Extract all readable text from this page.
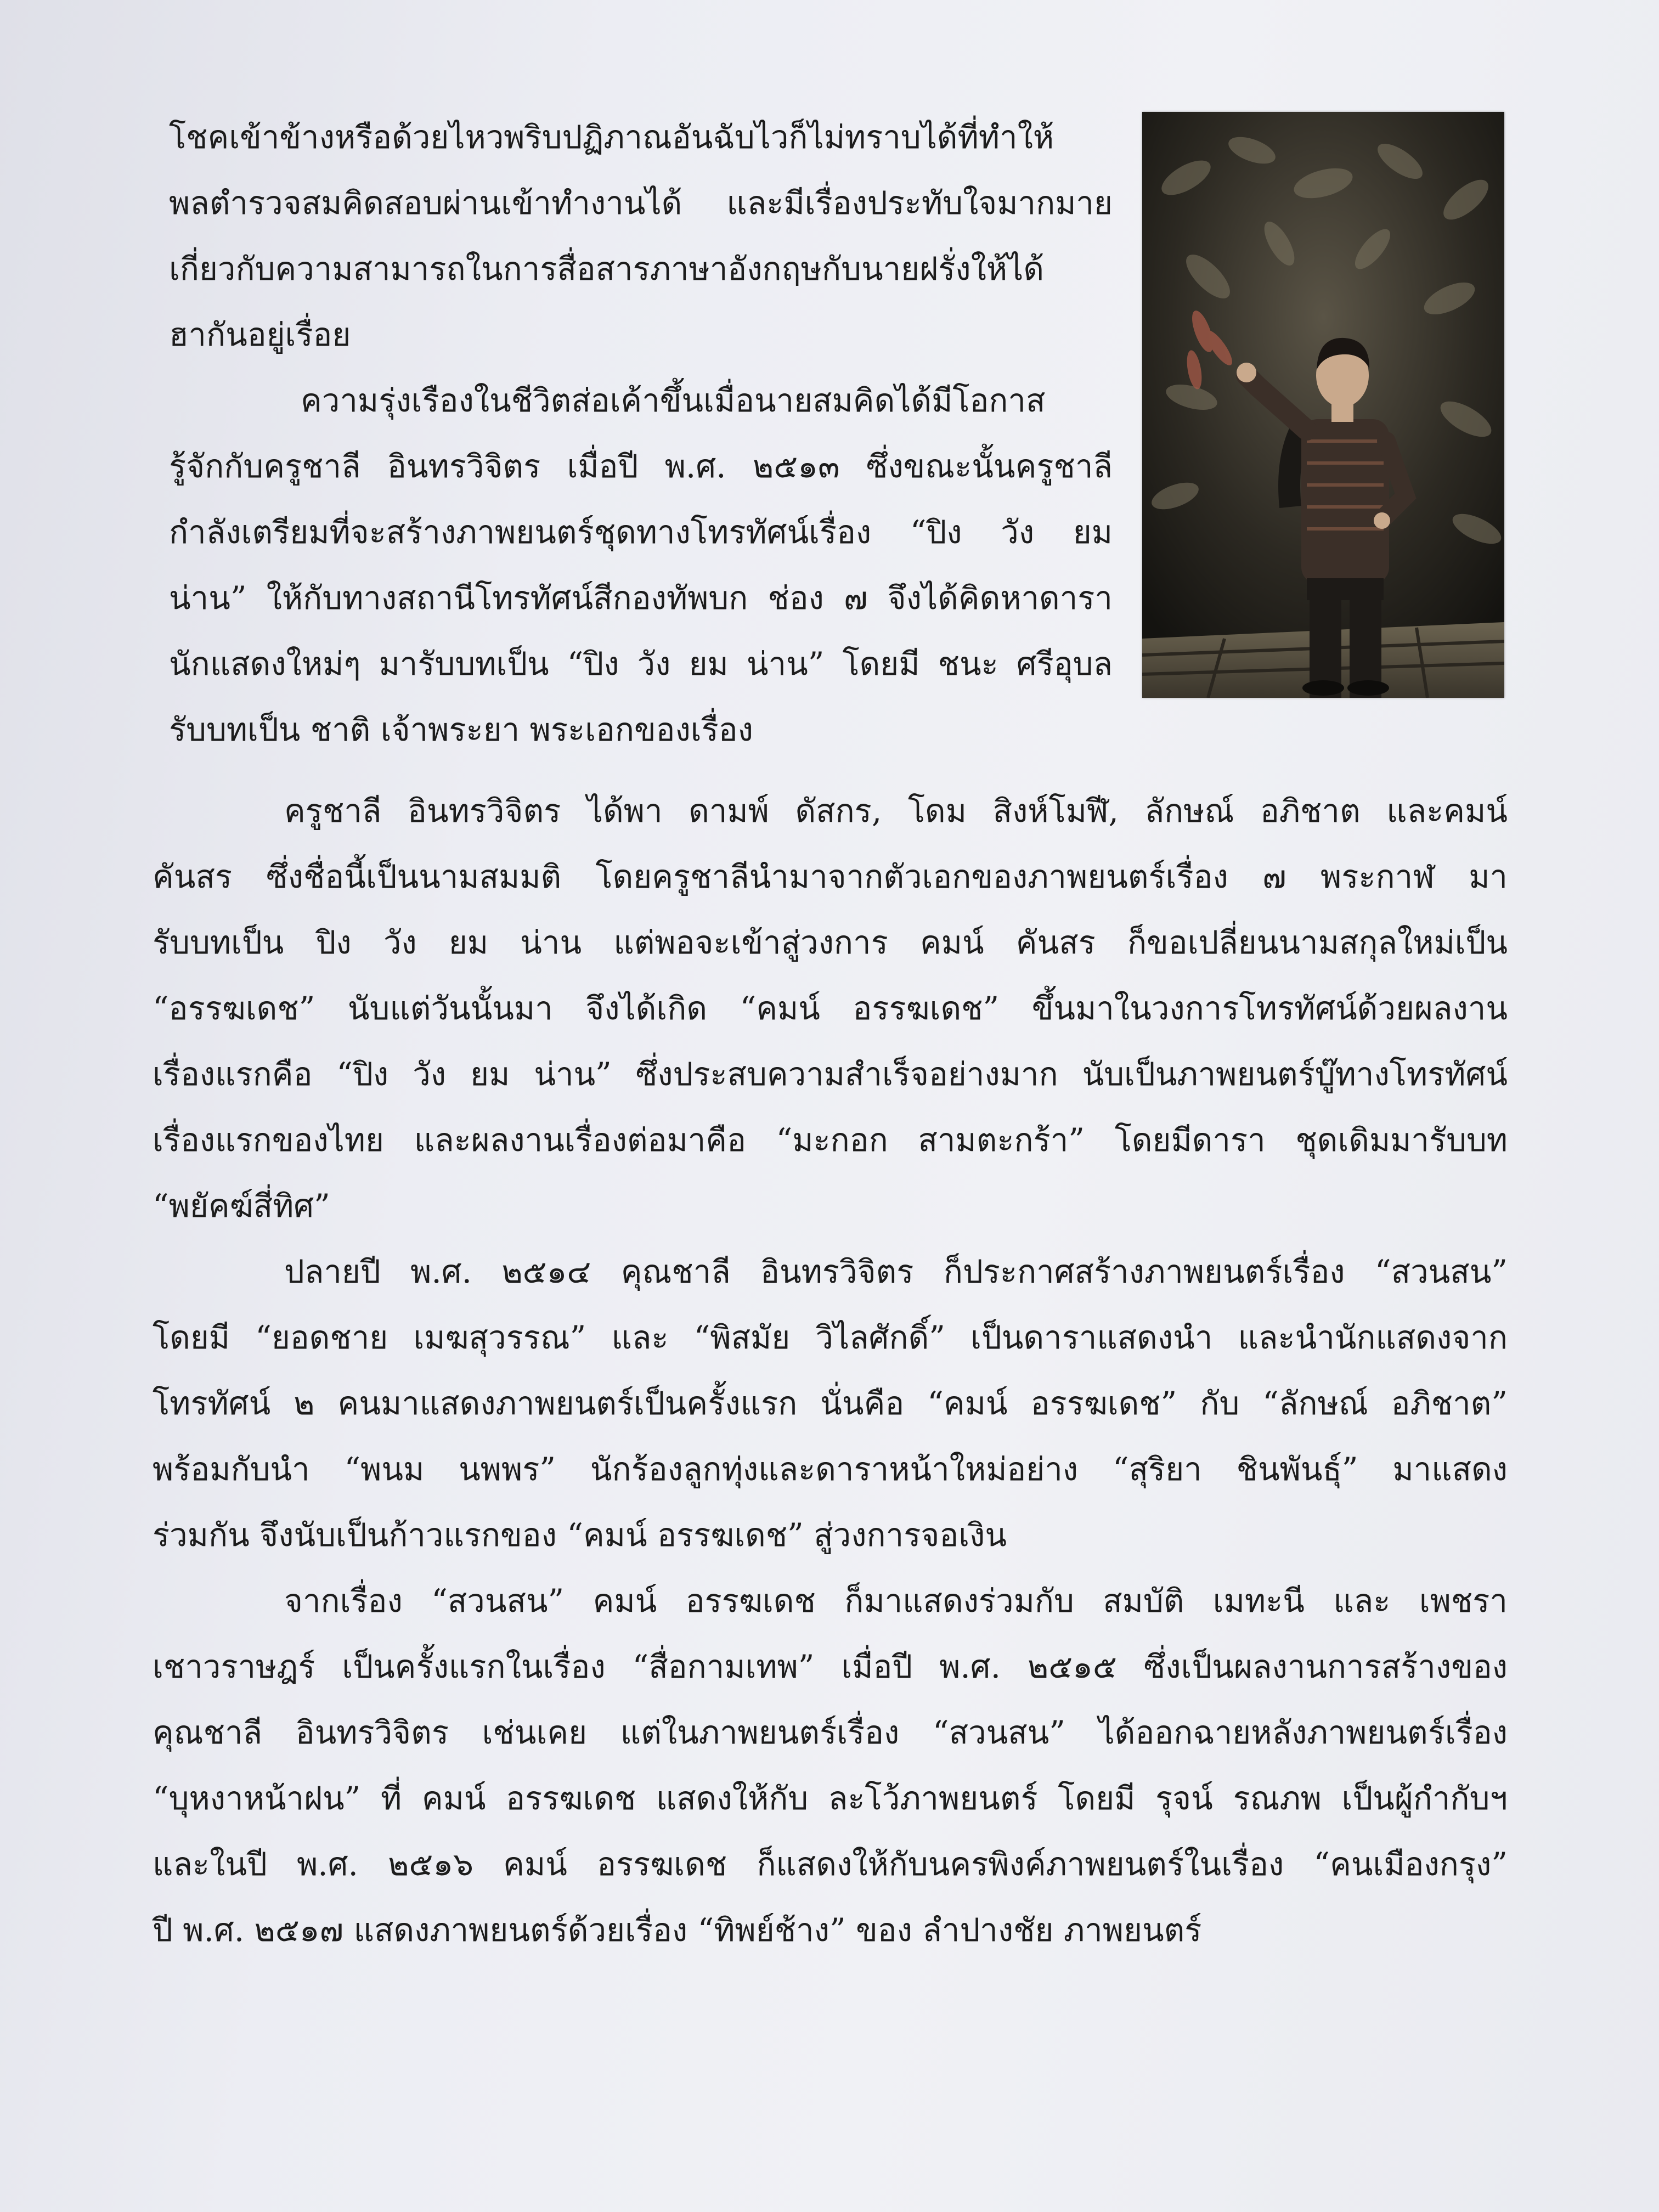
โชคเข้าข้างหรือด้วยไหวพริบปฏิภาณอันฉับไวก็ไม่ทราบได้ที่ทำให้
พลตำรวจสมคิดสอบผ่านเข้าทำงานได้ และมีเรื่องประทับใจมากมาย
เกี่ยวกับความสามารถในการสื่อสารภาษาอังกฤษกับนายฝรั่งให้ได้
ฮากันอยู่เรื่อย
ความรุ่งเรืองในชีวิตส่อเค้าขึ้นเมื่อนายสมคิดได้มีโอกาส
รู้จักกับครูชาลี อินทรวิจิตร เมื่อปี พ.ศ. ๒๕๑๓ ซึ่งขณะนั้นครูชาลี
กำลังเตรียมที่จะสร้างภาพยนตร์ชุดทางโทรทัศน์เรื่อง “ปิง วัง ยม
น่าน” ให้กับทางสถานีโทรทัศน์สีกองทัพบก ช่อง ๗ จึงได้คิดหาดารา
นักแสดงใหม่ๆ มารับบทเป็น “ปิง วัง ยม น่าน” โดยมี ชนะ ศรีอุบล
รับบทเป็น ชาติ เจ้าพระยา พระเอกของเรื่อง
ครูชาลี อินทรวิจิตร ได้พา ดามพ์ ดัสกร, โดม สิงห์โมฬี, ลักษณ์ อภิชาต และคมน์
คันสร ซึ่งชื่อนี้เป็นนามสมมติ โดยครูชาลีนำมาจากตัวเอกของภาพยนตร์เรื่อง ๗ พระกาฬ มา
รับบทเป็น ปิง วัง ยม น่าน แต่พอจะเข้าสู่วงการ คมน์ คันสร ก็ขอเปลี่ยนนามสกุลใหม่เป็น
“อรรฆเดช” นับแต่วันนั้นมา จึงได้เกิด “คมน์ อรรฆเดช” ขึ้นมาในวงการโทรทัศน์ด้วยผลงาน
เรื่องแรกคือ “ปิง วัง ยม น่าน” ซึ่งประสบความสำเร็จอย่างมาก นับเป็นภาพยนตร์บู๊ทางโทรทัศน์
เรื่องแรกของไทย และผลงานเรื่องต่อมาคือ “มะกอก สามตะกร้า” โดยมีดารา ชุดเดิมมารับบท
“พยัคฆ์สี่ทิศ”
ปลายปี พ.ศ. ๒๕๑๔ คุณชาลี อินทรวิจิตร ก็ประกาศสร้างภาพยนตร์เรื่อง “สวนสน”
โดยมี “ยอดชาย เมฆสุวรรณ” และ “พิสมัย วิไลศักดิ์” เป็นดาราแสดงนำ และนำนักแสดงจาก
โทรทัศน์ ๒ คนมาแสดงภาพยนตร์เป็นครั้งแรก นั่นคือ “คมน์ อรรฆเดช” กับ “ลักษณ์ อภิชาต”
พร้อมกับนำ “พนม นพพร” นักร้องลูกทุ่งและดาราหน้าใหม่อย่าง “สุริยา ชินพันธุ์” มาแสดง
ร่วมกัน จึงนับเป็นก้าวแรกของ “คมน์ อรรฆเดช” สู่วงการจอเงิน
จากเรื่อง “สวนสน” คมน์ อรรฆเดช ก็มาแสดงร่วมกับ สมบัติ เมทะนี และ เพชรา
เชาวราษฎร์ เป็นครั้งแรกในเรื่อง “สื่อกามเทพ” เมื่อปี พ.ศ. ๒๕๑๕ ซึ่งเป็นผลงานการสร้างของ
คุณชาลี อินทรวิจิตร เช่นเคย แต่ในภาพยนตร์เรื่อง “สวนสน” ได้ออกฉายหลังภาพยนตร์เรื่อง
“บุหงาหน้าฝน” ที่ คมน์ อรรฆเดช แสดงให้กับ ละโว้ภาพยนตร์ โดยมี รุจน์ รณภพ เป็นผู้กำกับฯ
และในปี พ.ศ. ๒๕๑๖ คมน์ อรรฆเดช ก็แสดงให้กับนครพิงค์ภาพยนตร์ในเรื่อง “คนเมืองกรุง”
ปี พ.ศ. ๒๕๑๗ แสดงภาพยนตร์ด้วยเรื่อง “ทิพย์ช้าง” ของ ลำปางชัย ภาพยนตร์
